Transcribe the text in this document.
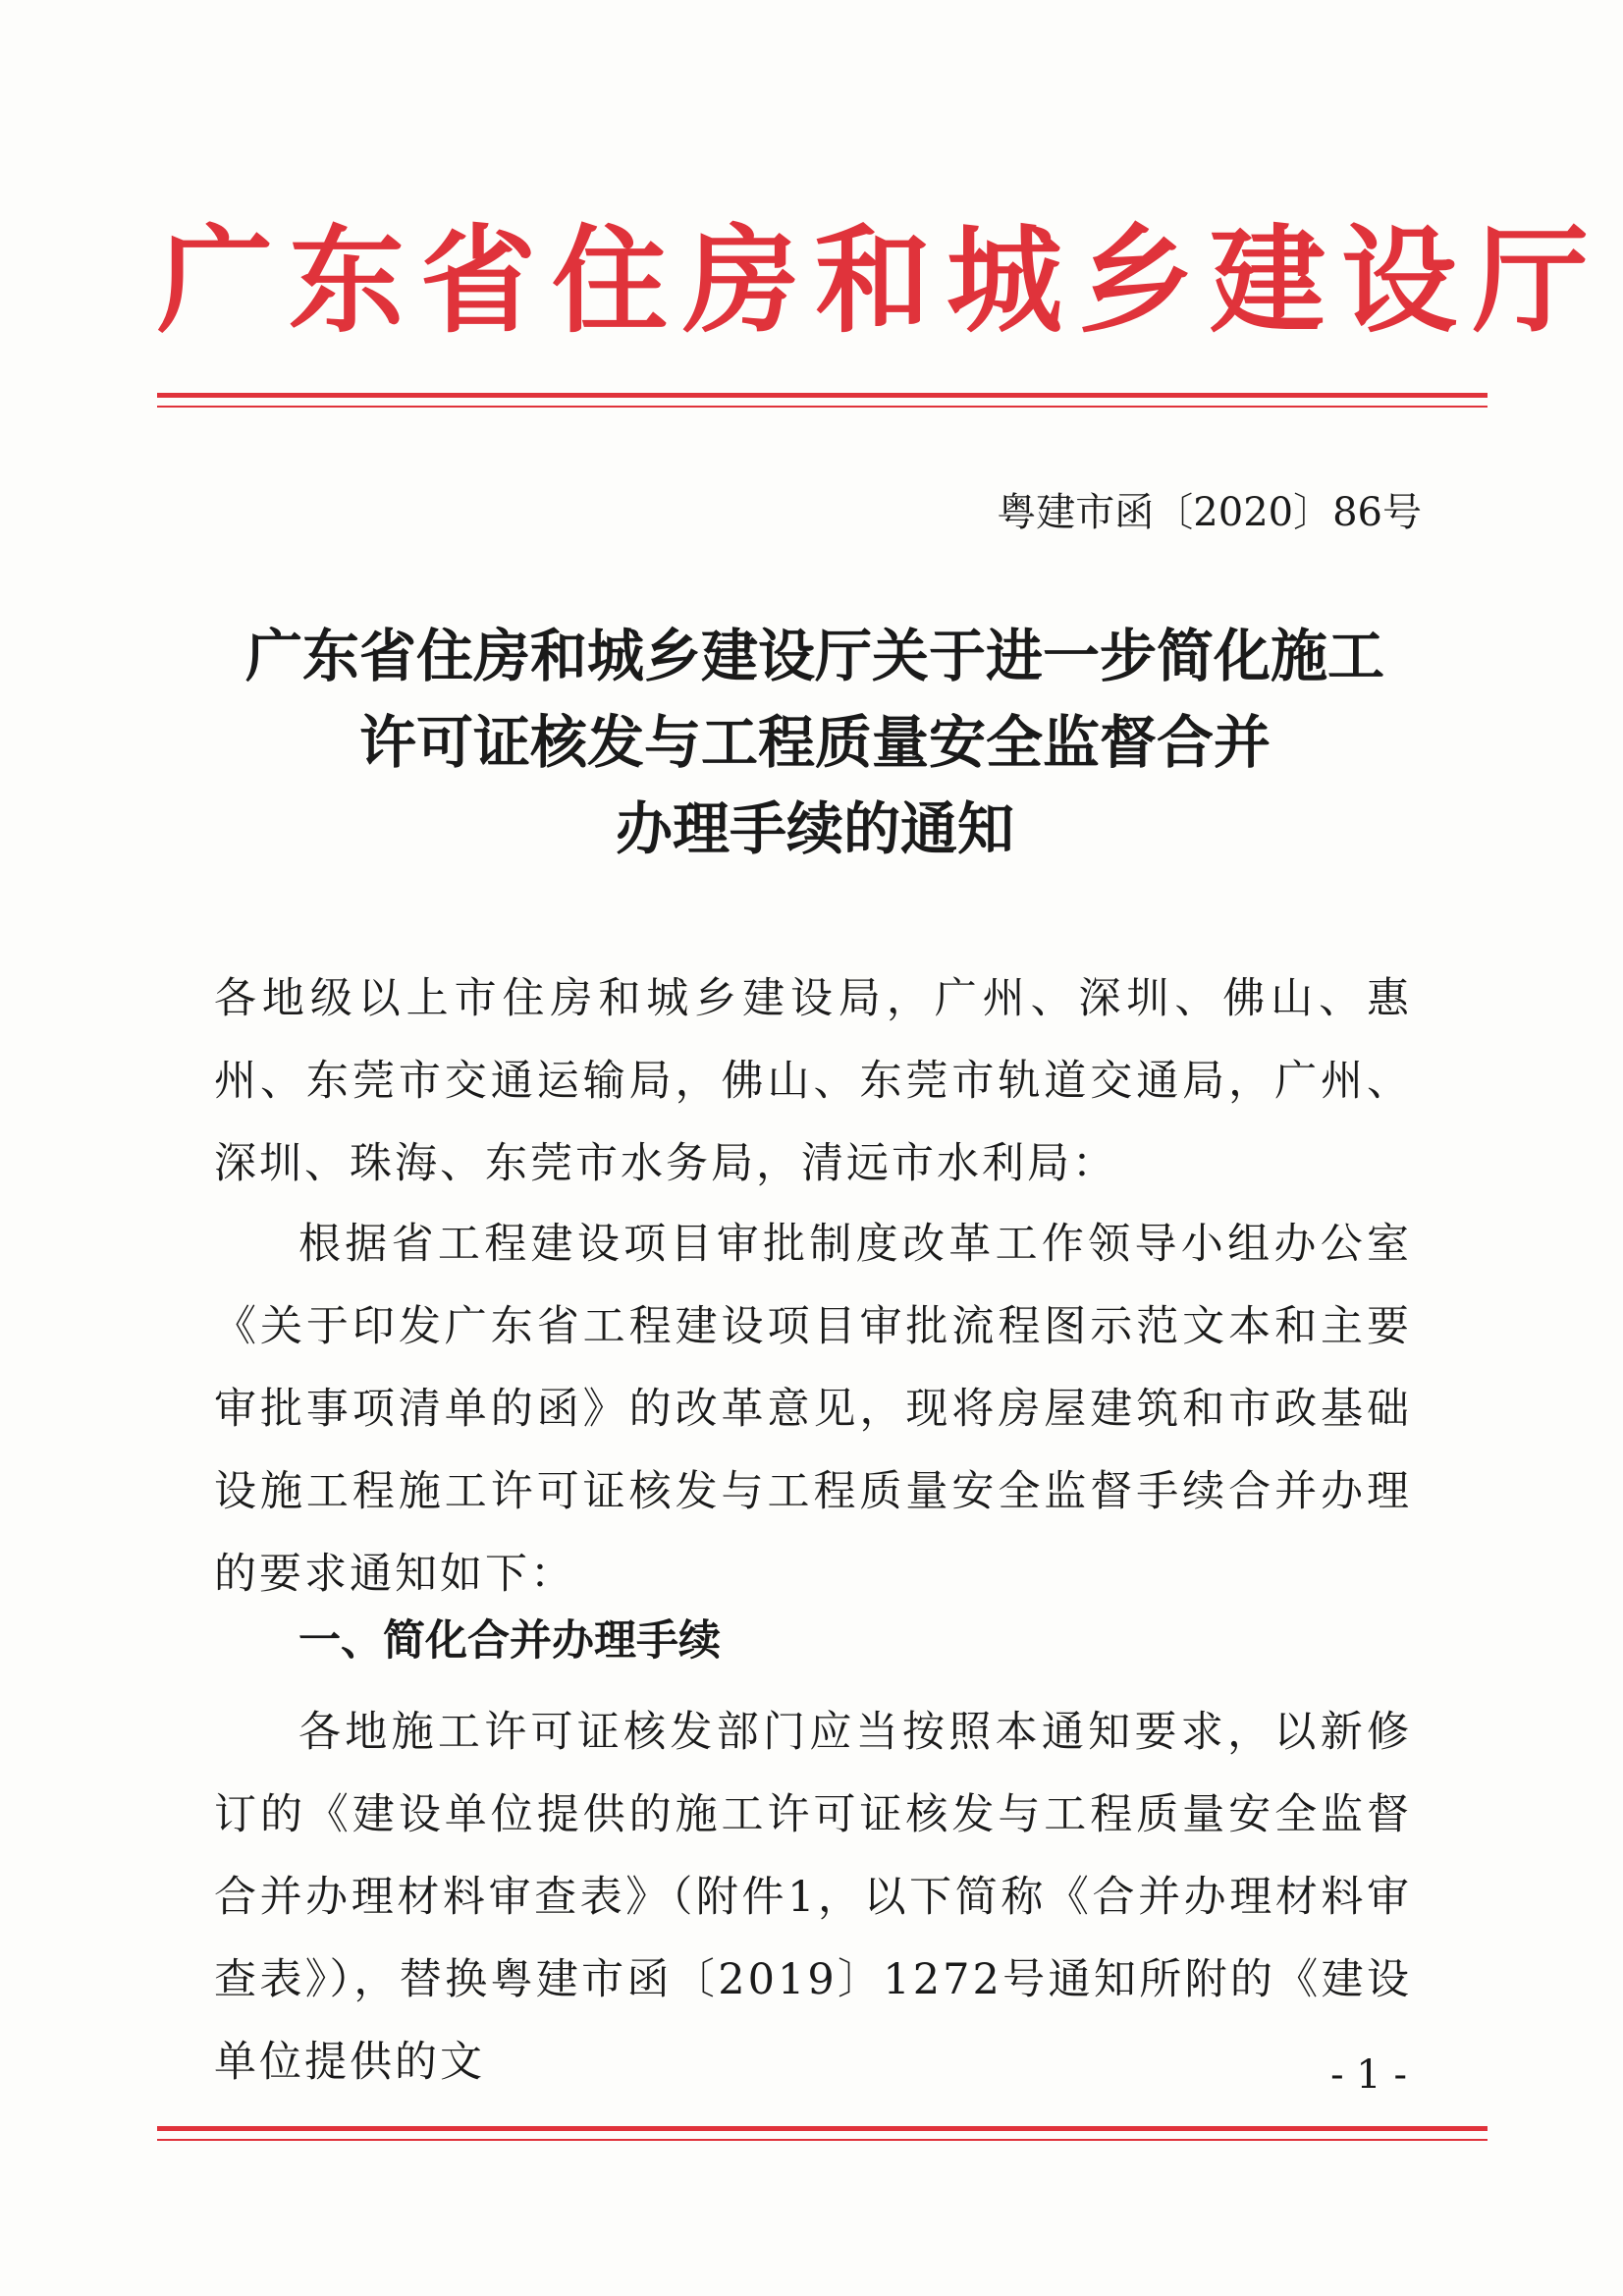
广东省住房和城乡建设厅
粤建市函〔2020〕86号
广东省住房和城乡建设厅关于进一步简化施工
许可证核发与工程质量安全监督合并
办理手续的通知
各地级以上市住房和城乡建设局，广州、深圳、佛山、惠州、东莞市交通运输局，佛山、东莞市轨道交通局，广州、深圳、珠海、东莞市水务局，清远市水利局：
根据省工程建设项目审批制度改革工作领导小组办公室《关于印发广东省工程建设项目审批流程图示范文本和主要审批事项清单的函》的改革意见，现将房屋建筑和市政基础设施工程施工许可证核发与工程质量安全监督手续合并办理的要求通知如下：
一、简化合并办理手续
各地施工许可证核发部门应当按照本通知要求，以新修订的《建设单位提供的施工许可证核发与工程质量安全监督合并办理材料审查表》（附件1，以下简称《合并办理材料审查表》），替换粤建市函〔2019〕1272号通知所附的《建设单位提供的文	- 1 -
